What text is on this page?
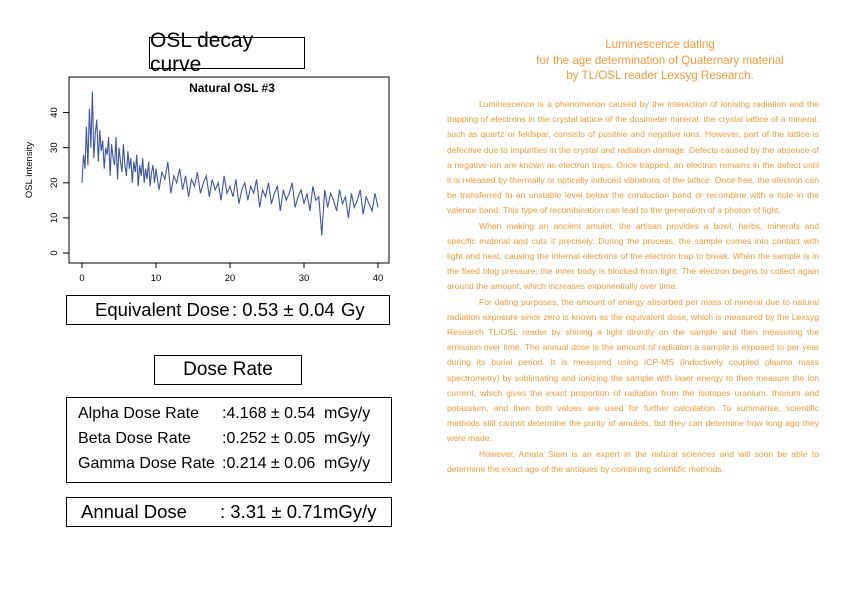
OSL decay curve
Natural OSL #3
OSL intensity
0
10
20
30
40
0	10	20	30	40
Equivalent Dose : 0.53 ± 0.04 Gy
Dose Rate
Alpha Dose Rate :4.168 ± 0.54 mGy/y
Beta Dose Rate :0.252 ± 0.05 mGy/y
Gamma Dose Rate :0.214 ± 0.06 mGy/y
Annual Dose : 3.31 ± 0.71 mGy/y
Luminescence dating
for the age determination of Quaternary material
by TL/OSL reader Lexsyg Research.

Luminescence is a phenomenon caused by the interaction of ionising radiation and the trapping of electrons in the crystal lattice of the dosimeter mineral. the crystal lattice of a mineral, such as quartz or feldspar, consists of positive and negative ions. However, part of the lattice is defective due to impurities in the crystal and radiation damage. Defects caused by the absence of a negative ion are known as electron traps. Once trapped, an electron remains in the defect until it is released by thermally or optically induced vibrations of the lattice. Once free, the electron can be transferred to an unstable level below the conduction band or recombine with a hole in the valence band. This type of recombination can lead to the generation of a photon of light.

When making an ancient amulet, the artisan provides a bowl, herbs, minerals and specific material and cuts it precisely. During the process, the sample comes into contact with light and heat, causing the internal electrons of the electron trap to break. When the sample is in the fixed blog pressure, the inner body is blocked from light. The electron begins to collect again around the amount, which increases exponentially over time.

For dating purposes, the amount of energy absorbed per mass of mineral due to natural radiation exposure since zero is known as the equivalent dose, which is measured by the Lexsyg Research TL/OSL reader by shining a light directly on the sample and then measuring the emission over time. The annual dose is the amount of radiation a sample is exposed to per year during its burial period. It is measured using ICP-MS (inductively coupled plasma mass spectrometry) by sublimating and ionizing the sample with laser energy to then measure the ion current, which gives the exact proportion of radiation from the isotopes uranium, thorium and potassium, and then both values are used for further calculation. To summarise, scientific methods still cannot determine the purity of amulets, but they can determine how long ago they were made.

However, Amata Siam is an expert in the natural sciences and will soon be able to determine the exact age of the antiques by combining scientific methods.
